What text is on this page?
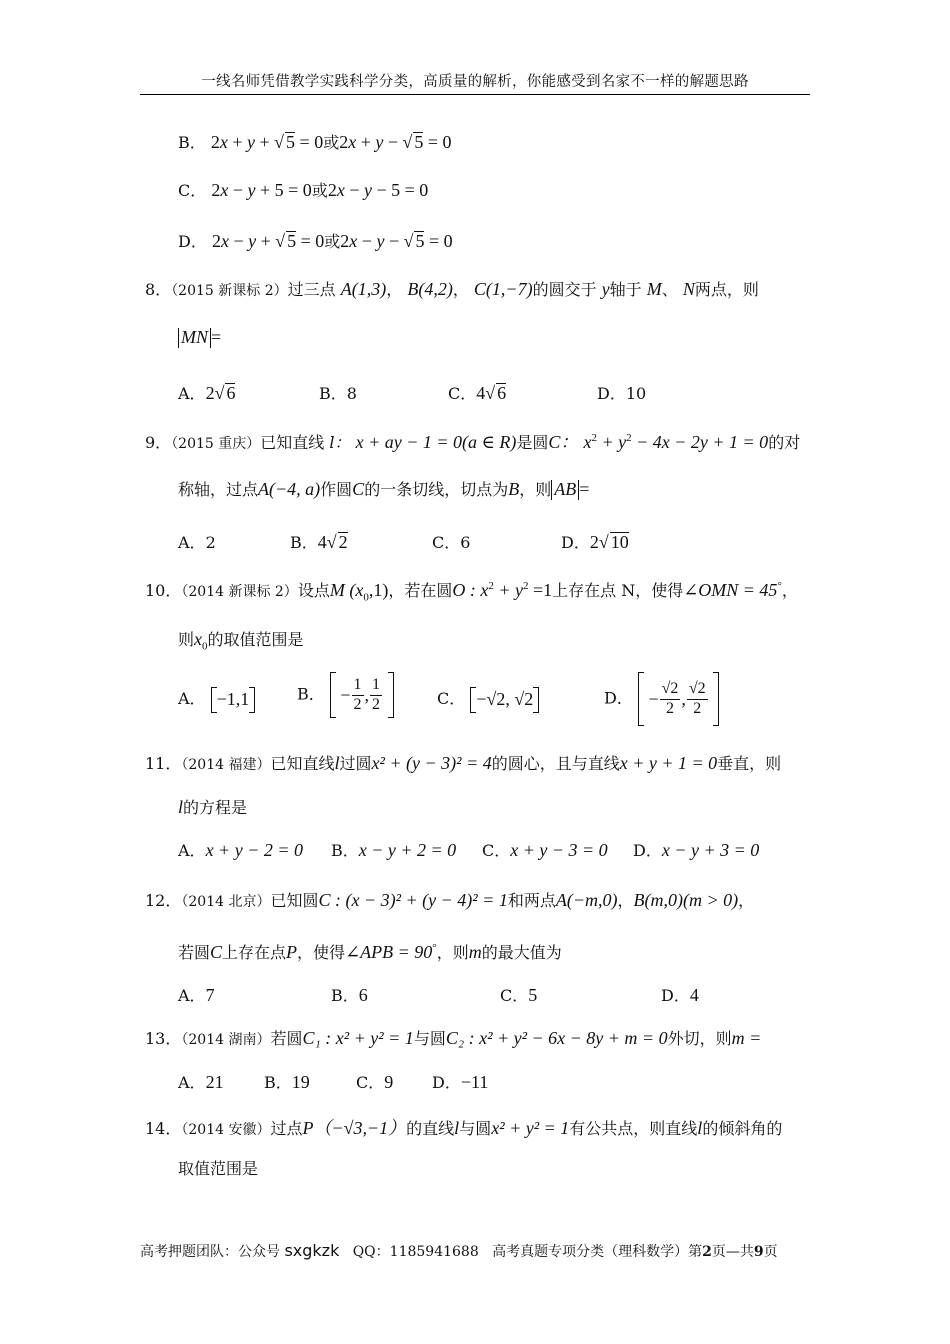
一线名师凭借教学实践科学分类，高质量的解析，你能感受到名家不一样的解题思路
B． 2x + y + √ 5 = 0或2x + y − √ 5 = 0
C． 2x − y + 5 = 0或2x − y − 5 = 0
D． 2x − y + √ 5 = 0或2x − y − √ 5 = 0
8．（2015 新课标 2）过三点 A(1,3)， B(4,2)， C(1,−7)的圆交于 y轴于 M、 N两点，则
MN =
A．2√ 6	B．8	C．4√ 6	D．10
9．（2015 重庆）已知直线 l： x + ay − 1 = 0(a ∈ R)是圆C： $x^2 + y^2 - 4x - 2y + 1 = 0$的对
称轴，过点A(−4, a)作圆C的一条切线，切点为B，则 AB =
A．2	B．4√ 2	C．6	D．2√ 10
10．（2014 新课标 2）设点M $(x_0,1)$，若在圆O : $x^2 + y^2 =1$上存在点 N，使得∠OMN = 45°，
则$x_0$的取值范围是
A． −1,1	B．
− $\frac{1}{2}$ , $\frac{1}{2}$
	C． −√2, √2	D．
− $\frac{√2}{2}$ , $\frac{√2}{2}$

11．（2014 福建）已知直线l过圆x² + (y − 3)² = 4的圆心，且与直线x + y + 1 = 0垂直，则
l的方程是
A．x + y − 2 = 0 B．x − y + 2 = 0 C．x + y − 3 = 0 D．x − y + 3 = 0
12．（2014 北京）已知圆C : (x − 3)² + (y − 4)² = 1和两点A(−m,0)，B(m,0)(m > 0)，
若圆C上存在点P，使得∠APB = 90°，则m的最大值为
A．7	B．6	C．5	D．4
13．（2014 湖南）若圆C₁ : x² + y² = 1与圆C₂ : x² + y² − 6x − 8y + m = 0外切，则m =
A．21	B．19	C．9 D．−11
14．（2014 安徽）过点P（−√3,−1）的直线l与圆x² + y² = 1有公共点，则直线l的倾斜角的
取值范围是
高考押题团队：公众号 sxgkzk QQ：1185941688 高考真题专项分类（理科数学）第2页—共9页
